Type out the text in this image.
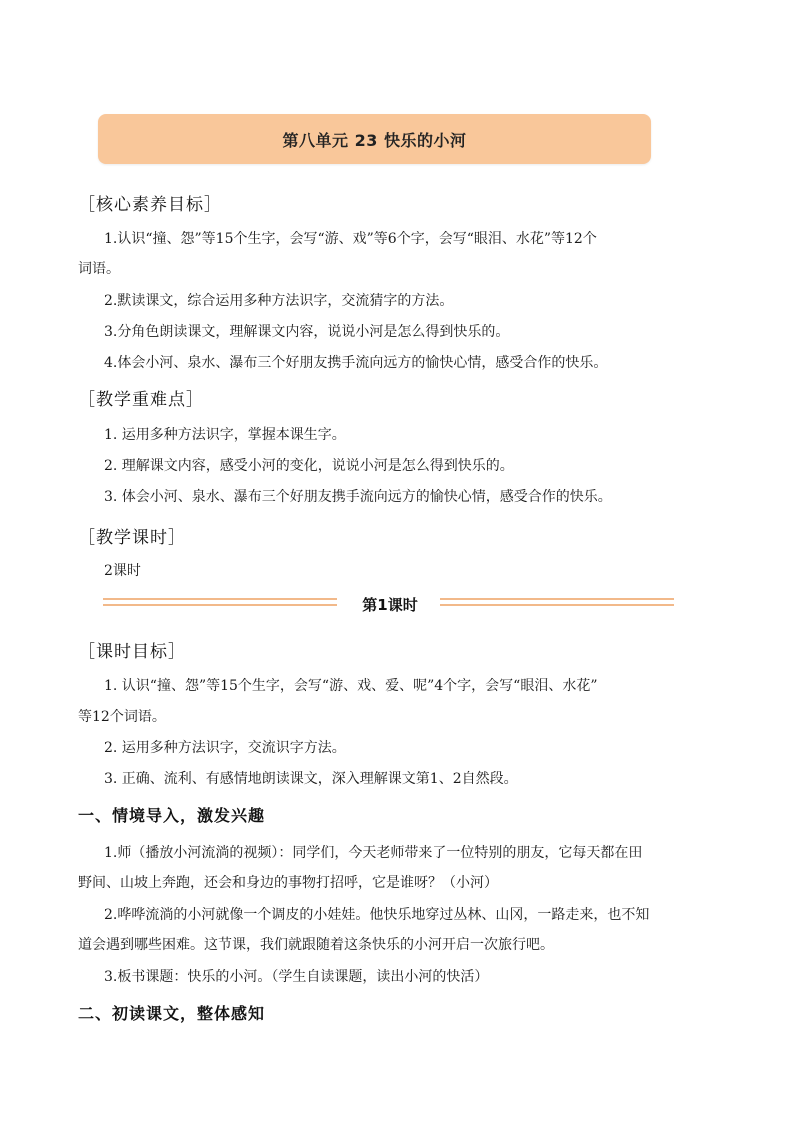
第八单元 23 快乐的小河
［核心素养目标］
1.认识“撞、怨”等15个生字，会写“游、戏”等6个字，会写“眼泪、水花”等12个
词语。
2.默读课文，综合运用多种方法识字，交流猜字的方法。
3.分角色朗读课文，理解课文内容，说说小河是怎么得到快乐的。
4.体会小河、泉水、瀑布三个好朋友携手流向远方的愉快心情，感受合作的快乐。
［教学重难点］
1. 运用多种方法识字，掌握本课生字。
2. 理解课文内容，感受小河的变化，说说小河是怎么得到快乐的。
3. 体会小河、泉水、瀑布三个好朋友携手流向远方的愉快心情，感受合作的快乐。
［教学课时］
2课时
第1课时
［课时目标］
1. 认识“撞、怨”等15个生字，会写“游、戏、爱、呢”4个字，会写“眼泪、水花”
等12个词语。
2. 运用多种方法识字，交流识字方法。
3. 正确、流利、有感情地朗读课文，深入理解课文第1、2自然段。
一、情境导入，激发兴趣
1.师（播放小河流淌的视频）：同学们，今天老师带来了一位特别的朋友，它每天都在田
野间、山坡上奔跑，还会和身边的事物打招呼，它是谁呀？（小河）
2.哗哗流淌的小河就像一个调皮的小娃娃。他快乐地穿过丛林、山冈，一路走来，也不知
道会遇到哪些困难。这节课，我们就跟随着这条快乐的小河开启一次旅行吧。
3.板书课题：快乐的小河。（学生自读课题，读出小河的快活）
二、初读课文，整体感知
